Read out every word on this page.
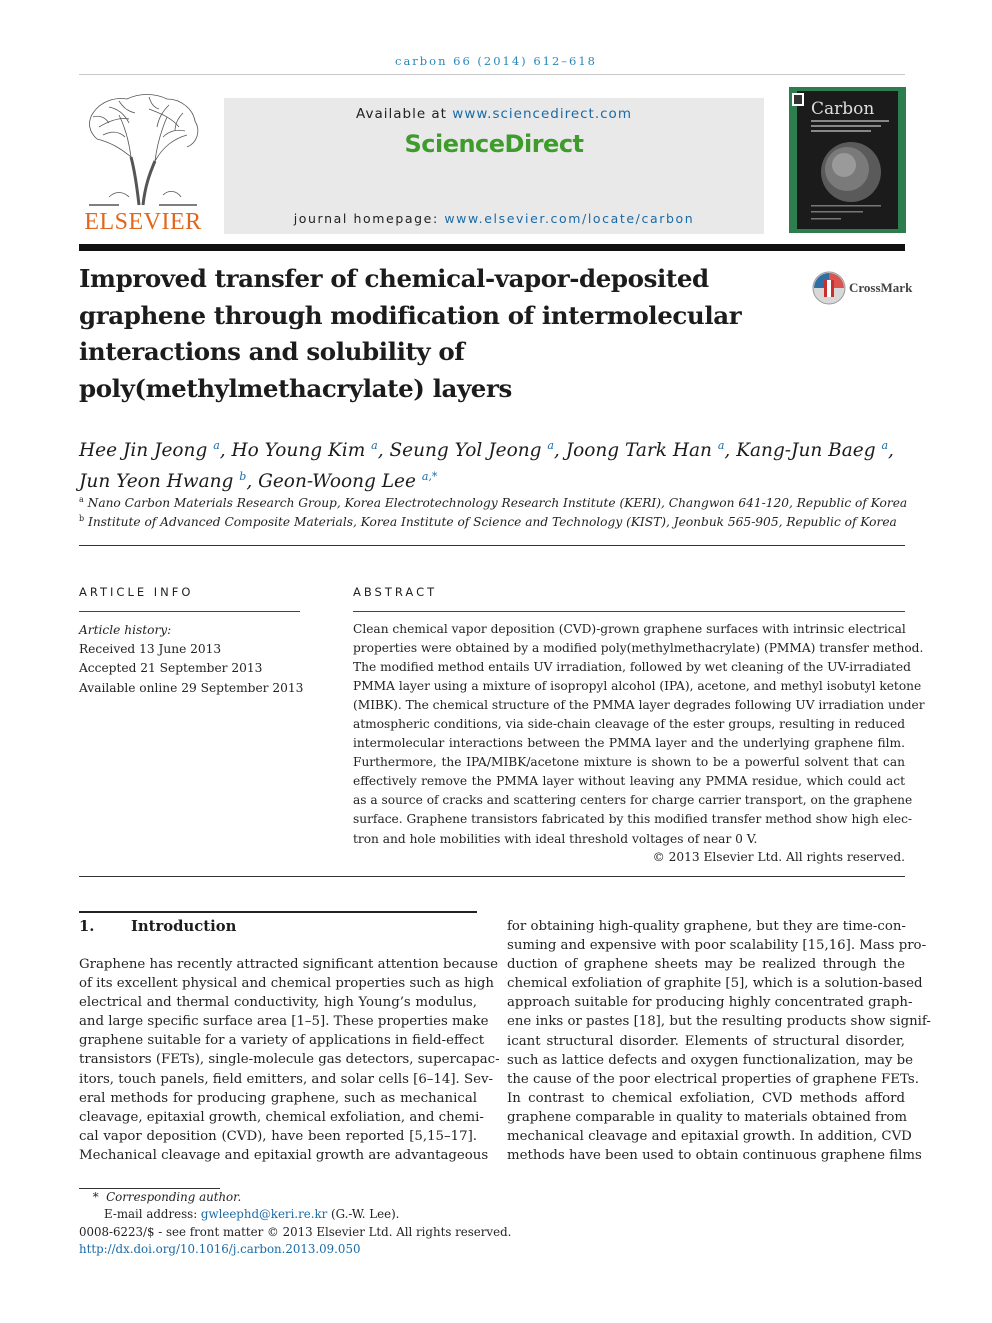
carbon 66 (2014) 612–618
ELSEVIER
Available at www.sciencedirect.com
ScienceDirect
journal homepage: www.elsevier.com/locate/carbon
Carbon
Improved transfer of chemical-vapor-deposited
graphene through modification of intermolecular
interactions and solubility of
poly(methylmethacrylate) layers
CrossMark
Hee Jin Jeong $^a$, Ho Young Kim $^a$, Seung Yol Jeong $^a$, Joong Tark Han $^a$, Kang-Jun Baeg $^a$,
Jun Yeon Hwang $^b$, Geon-Woong Lee $^{a,*}$
$^a$ Nano Carbon Materials Research Group, Korea Electrotechnology Research Institute (KERI), Changwon 641-120, Republic of Korea
$^b$ Institute of Advanced Composite Materials, Korea Institute of Science and Technology (KIST), Jeonbuk 565-905, Republic of Korea
ARTICLE INFO
Article history:
Received 13 June 2013
Accepted 21 September 2013
Available online 29 September 2013
ABSTRACT
Clean chemical vapor deposition (CVD)-grown graphene surfaces with intrinsic electrical
properties were obtained by a modified poly(methylmethacrylate) (PMMA) transfer method.
The modified method entails UV irradiation, followed by wet cleaning of the UV-irradiated
PMMA layer using a mixture of isopropyl alcohol (IPA), acetone, and methyl isobutyl ketone
(MIBK). The chemical structure of the PMMA layer degrades following UV irradiation under
atmospheric conditions, via side-chain cleavage of the ester groups, resulting in reduced
intermolecular interactions between the PMMA layer and the underlying graphene film.
Furthermore, the IPA/MIBK/acetone mixture is shown to be a powerful solvent that can
effectively remove the PMMA layer without leaving any PMMA residue, which could act
as a source of cracks and scattering centers for charge carrier transport, on the graphene
surface. Graphene transistors fabricated by this modified transfer method show high elec-
tron and hole mobilities with ideal threshold voltages of near 0 V.
© 2013 Elsevier Ltd. All rights reserved.
1. Introduction
Graphene has recently attracted significant attention because
of its excellent physical and chemical properties such as high
electrical and thermal conductivity, high Young’s modulus,
and large specific surface area [1–5]. These properties make
graphene suitable for a variety of applications in field-effect
transistors (FETs), single-molecule gas detectors, supercapac-
itors, touch panels, field emitters, and solar cells [6–14]. Sev-
eral methods for producing graphene, such as mechanical
cleavage, epitaxial growth, chemical exfoliation, and chemi-
cal vapor deposition (CVD), have been reported [5,15–17].
Mechanical cleavage and epitaxial growth are advantageous
for obtaining high-quality graphene, but they are time-con-
suming and expensive with poor scalability [15,16]. Mass pro-
duction of graphene sheets may be realized through the
chemical exfoliation of graphite [5], which is a solution-based
approach suitable for producing highly concentrated graph-
ene inks or pastes [18], but the resulting products show signif-
icant structural disorder. Elements of structural disorder,
such as lattice defects and oxygen functionalization, may be
the cause of the poor electrical properties of graphene FETs.
In contrast to chemical exfoliation, CVD methods afford
graphene comparable in quality to materials obtained from
mechanical cleavage and epitaxial growth. In addition, CVD
methods have been used to obtain continuous graphene films
*  Corresponding author.
E-mail address: gwleephd@keri.re.kr (G.-W. Lee).
0008-6223/$ - see front matter © 2013 Elsevier Ltd. All rights reserved.
http://dx.doi.org/10.1016/j.carbon.2013.09.050
